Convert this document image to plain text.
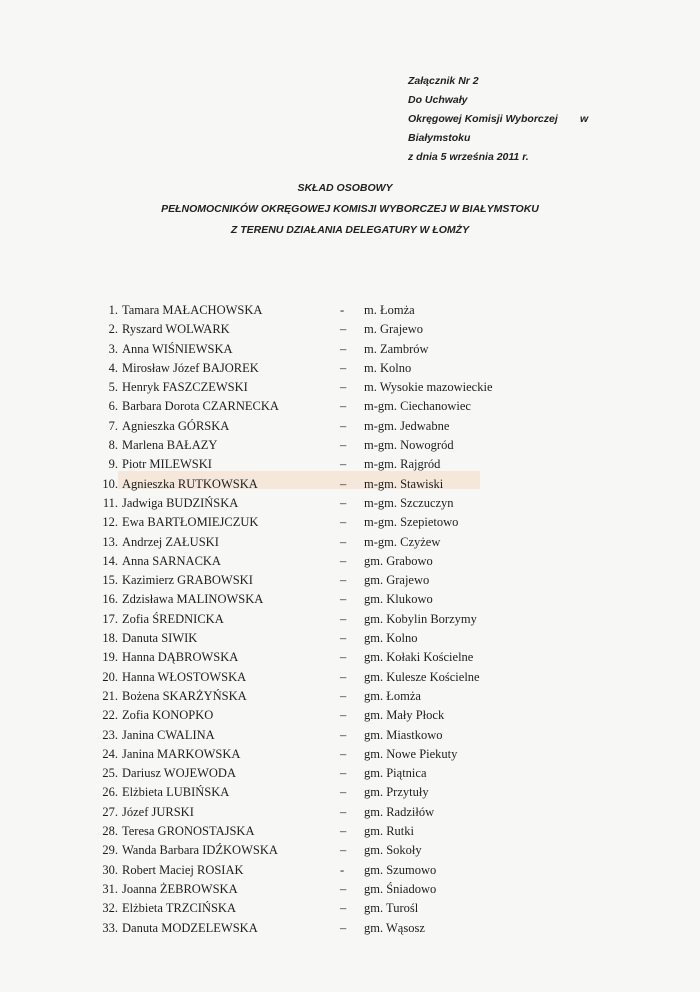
Załącznik Nr 2
Do Uchwały
Okręgowej Komisji Wyborczej
Białymstoku
z dnia 5 września 2011 r.
w
SKŁAD OSOBOWY
PEŁNOMOCNIKÓW OKRĘGOWEJ KOMISJI WYBORCZEJ W BIAŁYMSTOKU
Z TERENU DZIAŁANIA DELEGATURY W ŁOMŻY
1. Tamara MAŁACHOWSKA	- m. Łomża
2. Ryszard WOLWARK	– m. Grajewo
3. Anna WIŚNIEWSKA	– m. Zambrów
4. Mirosław Józef BAJOREK	– m. Kolno
5. Henryk FASZCZEWSKI	– m. Wysokie mazowieckie
6. Barbara Dorota CZARNECKA	– m-gm. Ciechanowiec
7. Agnieszka GÓRSKA	– m-gm. Jedwabne
8. Marlena BAŁAZY	– m-gm. Nowogród
9. Piotr MILEWSKI	– m-gm. Rajgród
10. Agnieszka RUTKOWSKA	– m-gm. Stawiski
11. Jadwiga BUDZIŃSKA	– m-gm. Szczuczyn
12. Ewa BARTŁOMIEJCZUK	– m-gm. Szepietowo
13. Andrzej ZAŁUSKI	– m-gm. Czyżew
14. Anna SARNACKA	– gm. Grabowo
15. Kazimierz GRABOWSKI	– gm. Grajewo
16. Zdzisława MALINOWSKA	– gm. Klukowo
17. Zofia ŚREDNICKA	– gm. Kobylin Borzymy
18. Danuta SIWIK	– gm. Kolno
19. Hanna DĄBROWSKA	– gm. Kołaki Kościelne
20. Hanna WŁOSTOWSKA	– gm. Kulesze Kościelne
21. Bożena SKARŻYŃSKA	– gm. Łomża
22. Zofia KONOPKO	– gm. Mały Płock
23. Janina CWALINA	– gm. Miastkowo
24. Janina MARKOWSKA	– gm. Nowe Piekuty
25. Dariusz WOJEWODA	– gm. Piątnica
26. Elżbieta LUBIŃSKA	– gm. Przytuły
27. Józef JURSKI	– gm. Radziłów
28. Teresa GRONOSTAJSKA	– gm. Rutki
29. Wanda Barbara IDŹKOWSKA	– gm. Sokoły
30. Robert Maciej ROSIAK	- gm. Szumowo
31. Joanna ŻEBROWSKA	– gm. Śniadowo
32. Elżbieta TRZCIŃSKA	– gm. Turośl
33. Danuta MODZELEWSKA	– gm. Wąsosz
